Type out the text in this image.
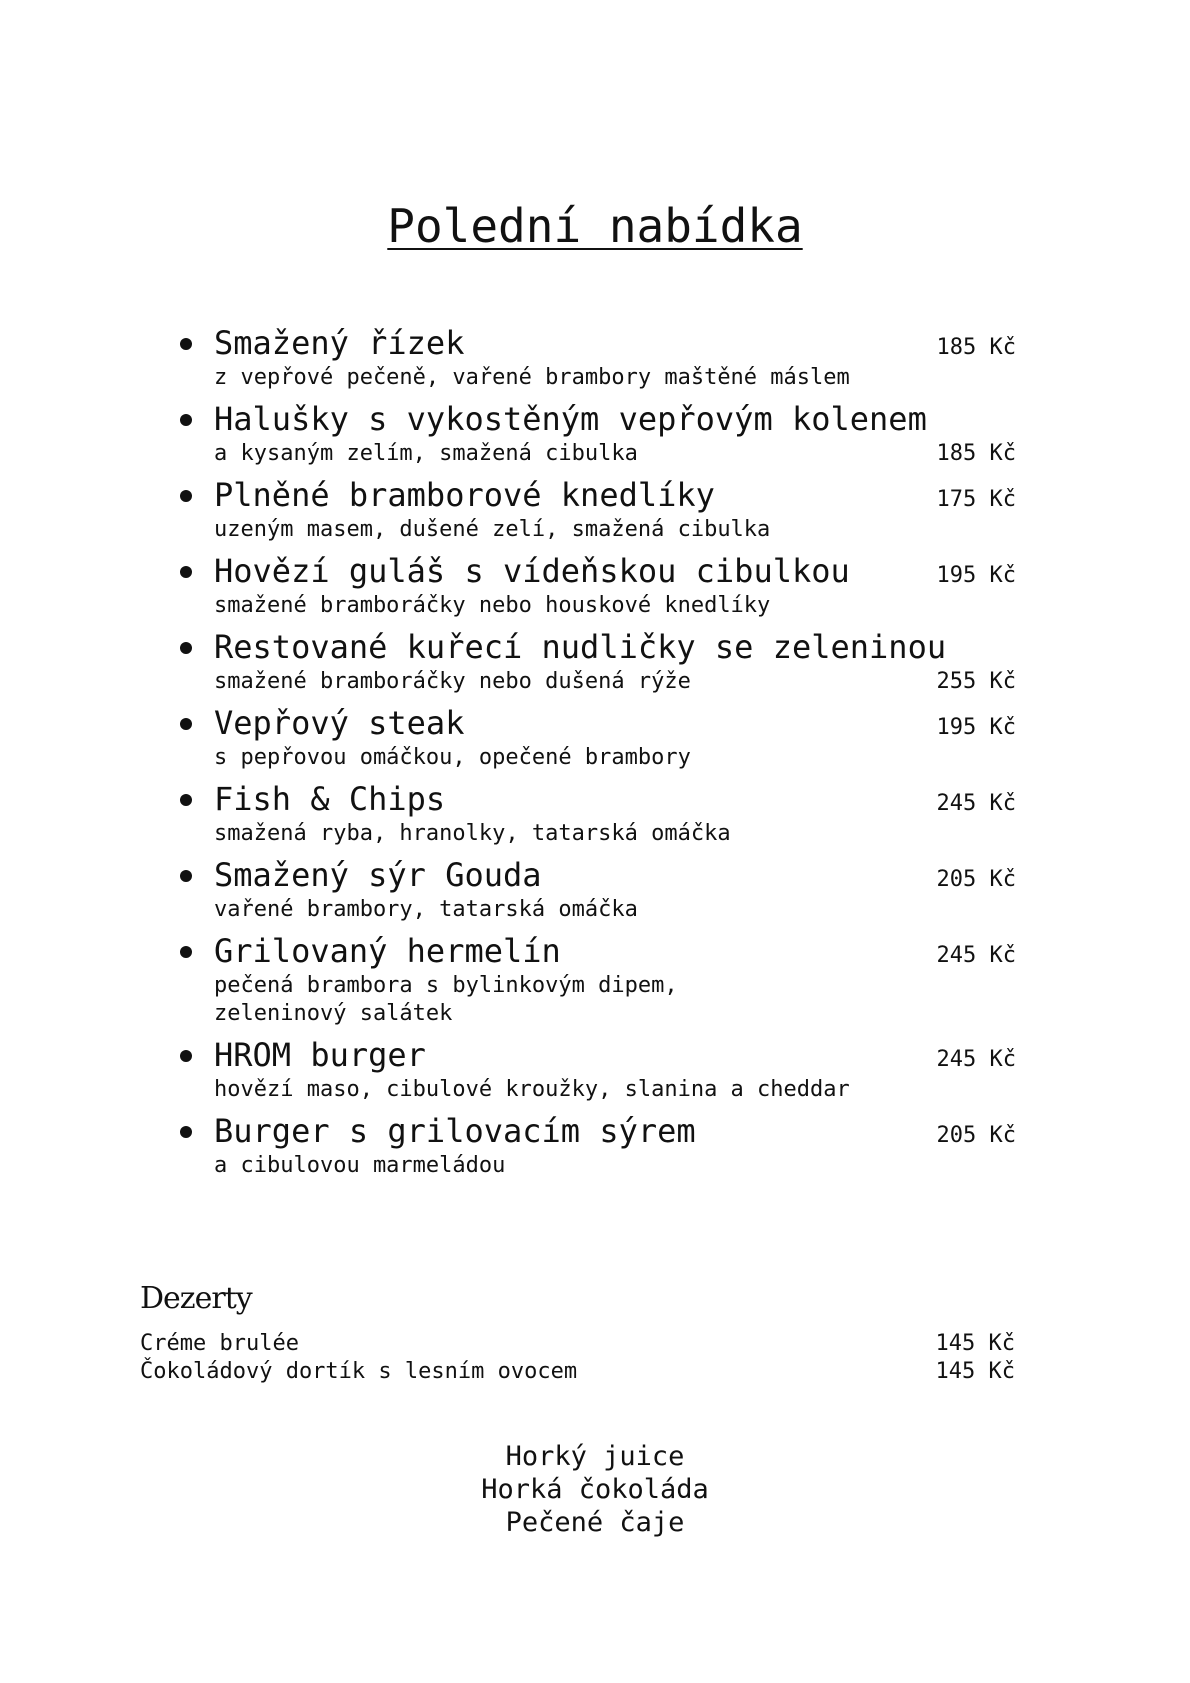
Polední nabídka
Smažený řízek	185 Kč
z vepřové pečeně, vařené brambory maštěné máslem
Halušky s vykostěným vepřovým kolenem
a kysaným zelím, smažená cibulka	185 Kč
Plněné bramborové knedlíky	175 Kč
uzeným masem, dušené zelí, smažená cibulka
Hovězí guláš s vídeňskou cibulkou	195 Kč
smažené bramboráčky nebo houskové knedlíky
Restované kuřecí nudličky se zeleninou
smažené bramboráčky nebo dušená rýže	255 Kč
Vepřový steak	195 Kč
s pepřovou omáčkou, opečené brambory
Fish & Chips	245 Kč
smažená ryba, hranolky, tatarská omáčka
Smažený sýr Gouda	205 Kč
vařené brambory, tatarská omáčka
Grilovaný hermelín	245 Kč
pečená brambora s bylinkovým dipem,
zeleninový salátek
HROM burger	245 Kč
hovězí maso, cibulové kroužky, slanina a cheddar
Burger s grilovacím sýrem	205 Kč
a cibulovou marmeládou
Dezerty
Créme brulée	145 Kč
Čokoládový dortík s lesním ovocem	145 Kč
Horký juice
Horká čokoláda
Pečené čaje
